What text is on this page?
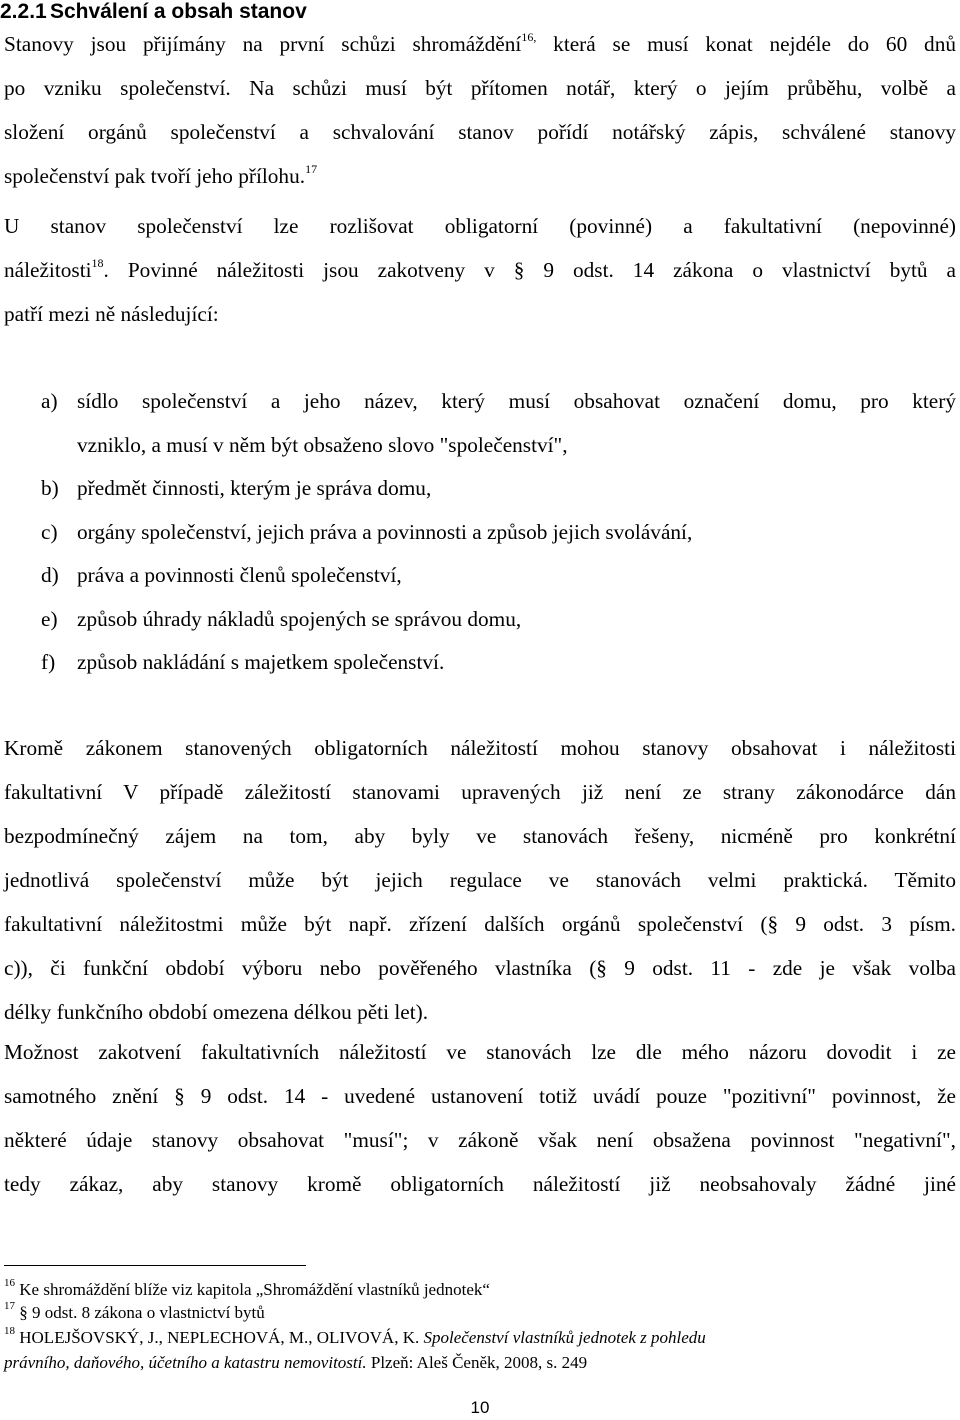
2.2.1 Schválení a obsah stanov
Stanovy jsou přijímány na první schůzi shromáždění$^{16,}$ která se musí konat nejdéle do 60 dnů
po vzniku společenství. Na schůzi musí být přítomen notář, který o jejím průběhu, volbě a
složení orgánů společenství a schvalování stanov pořídí notářský zápis, schválené stanovy
společenství pak tvoří jeho přílohu.$^{17}$
U stanov společenství lze rozlišovat obligatorní (povinné) a fakultativní (nepovinné)
náležitosti$^{18}$. Povinné náležitosti jsou zakotveny v § 9 odst. 14 zákona o vlastnictví bytů a
patří mezi ně následující:
a) sídlo společenství a jeho název, který musí obsahovat označení domu, pro který
vzniklo, a musí v něm být obsaženo slovo "společenství",
b) předmět činnosti, kterým je správa domu,
c) orgány společenství, jejich práva a povinnosti a způsob jejich svolávání,
d) práva a povinnosti členů společenství,
e) způsob úhrady nákladů spojených se správou domu,
f)	způsob nakládání s majetkem společenství.
Kromě zákonem stanovených obligatorních náležitostí mohou stanovy obsahovat i náležitosti
fakultativní V případě záležitostí stanovami upravených již není ze strany zákonodárce dán
bezpodmínečný zájem na tom, aby byly ve stanovách řešeny, nicméně pro konkrétní
jednotlivá společenství může být jejich regulace ve stanovách velmi praktická. Těmito
fakultativní náležitostmi může být např. zřízení dalších orgánů společenství (§ 9 odst. 3 písm.
c)), či funkční období výboru nebo pověřeného vlastníka (§ 9 odst. 11 - zde je však volba
délky funkčního období omezena délkou pěti let).
Možnost zakotvení fakultativních náležitostí ve stanovách lze dle mého názoru dovodit i ze
samotného znění § 9 odst. 14 - uvedené ustanovení totiž uvádí pouze "pozitivní" povinnost, že
některé údaje stanovy obsahovat "musí"; v zákoně však není obsažena povinnost "negativní",
tedy zákaz, aby stanovy kromě obligatorních náležitostí již neobsahovaly žádné jiné
$^{16}$ Ke shromáždění blíže viz kapitola „Shromáždění vlastníků jednotek“
$^{17}$ § 9 odst. 8 zákona o vlastnictví bytů
$^{18}$ HOLEJŠOVSKÝ, J., NEPLECHOVÁ, M., OLIVOVÁ, K. Společenství vlastníků jednotek z pohledu
právního, daňového, účetního a katastru nemovitostí. Plzeň: Aleš Čeněk, 2008, s. 249
10
